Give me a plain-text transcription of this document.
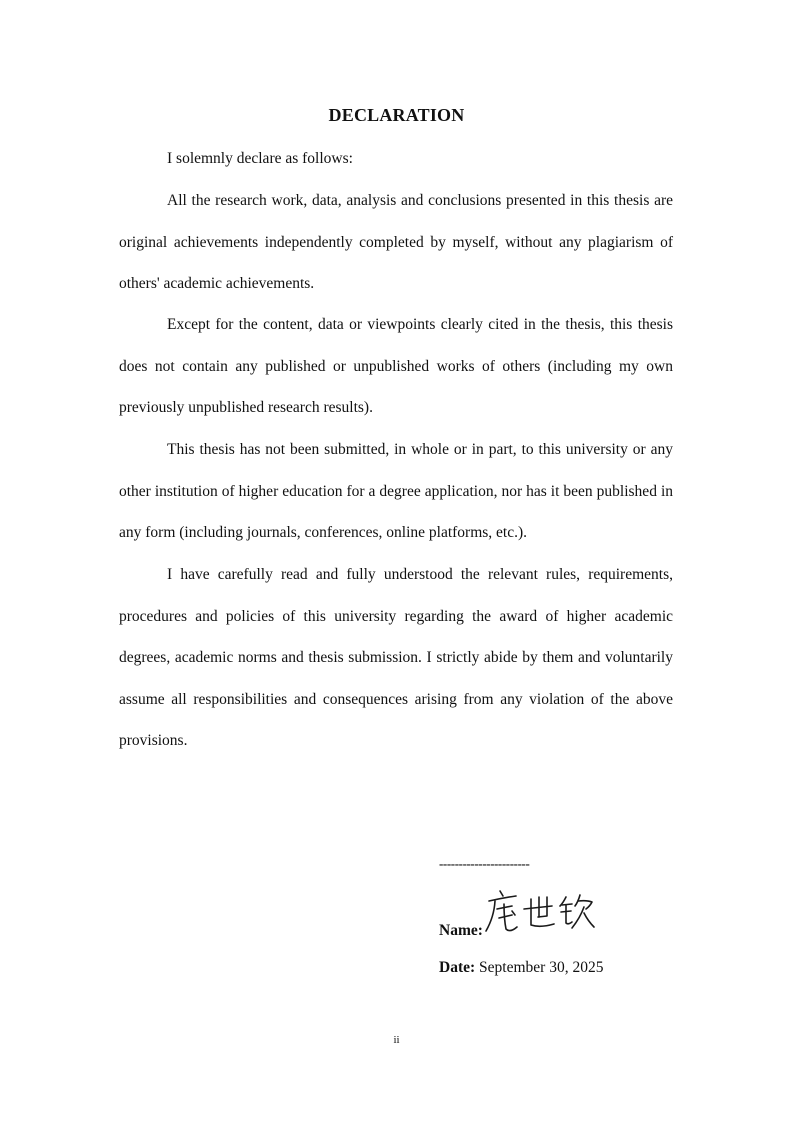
DECLARATION
I solemnly declare as follows:

All the research work, data, analysis and conclusions presented in this thesis are original achievements independently completed by myself, without any plagiarism of others' academic achievements.

Except for the content, data or viewpoints clearly cited in the thesis, this thesis does not contain any published or unpublished works of others (including my own previously unpublished research results).

This thesis has not been submitted, in whole or in part, to this university or any other institution of higher education for a degree application, nor has it been published in any form (including journals, conferences, online platforms, etc.).

I have carefully read and fully understood the relevant rules, requirements, procedures and policies of this university regarding the award of higher academic degrees, academic norms and thesis submission. I strictly abide by them and voluntarily assume all responsibilities and consequences arising from any violation of the above provisions.

-----------------------
Name:
Date: September 30, 2025
ii
